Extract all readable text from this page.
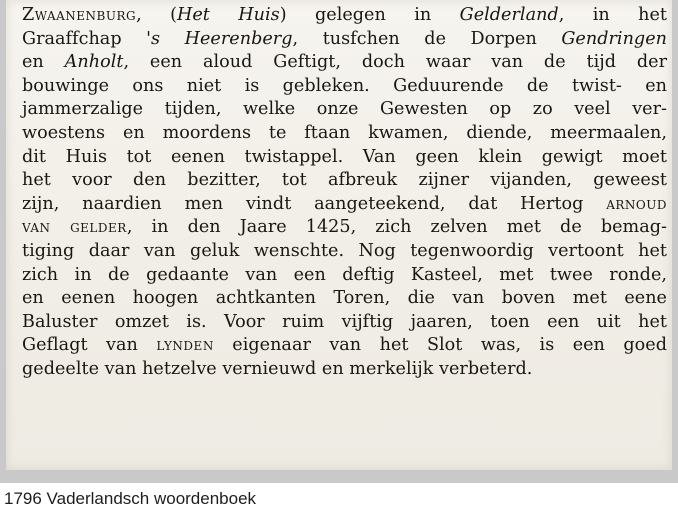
Zwaanenburg, (Het Huis) gelegen in Gelderland, in het
Graaffchap 's Heerenberg, tusfchen de Dorpen Gendringen
en Anholt, een aloud Geftigt, doch waar van de tijd der
bouwinge ons niet is gebleken. Geduurende de twist- en
jammerzalige tijden, welke onze Gewesten op zo veel ver-
woestens en moordens te ftaan kwamen, diende, meermaalen,
dit Huis tot eenen twistappel. Van geen klein gewigt moet
het voor den bezitter, tot afbreuk zijner vijanden, geweest
zijn, naardien men vindt aangeteekend, dat Hertog arnoud
van gelder, in den Jaare 1425, zich zelven met de bemag-
tiging daar van geluk wenschte. Nog tegenwoordig vertoont het
zich in de gedaante van een deftig Kasteel, met twee ronde,
en eenen hoogen achtkanten Toren, die van boven met eene
Baluster omzet is. Voor ruim vijftig jaaren, toen een uit het
Geflagt van lynden eigenaar van het Slot was, is een goed
gedeelte van hetzelve vernieuwd en merkelijk verbeterd.
1796 Vaderlandsch woordenboek
